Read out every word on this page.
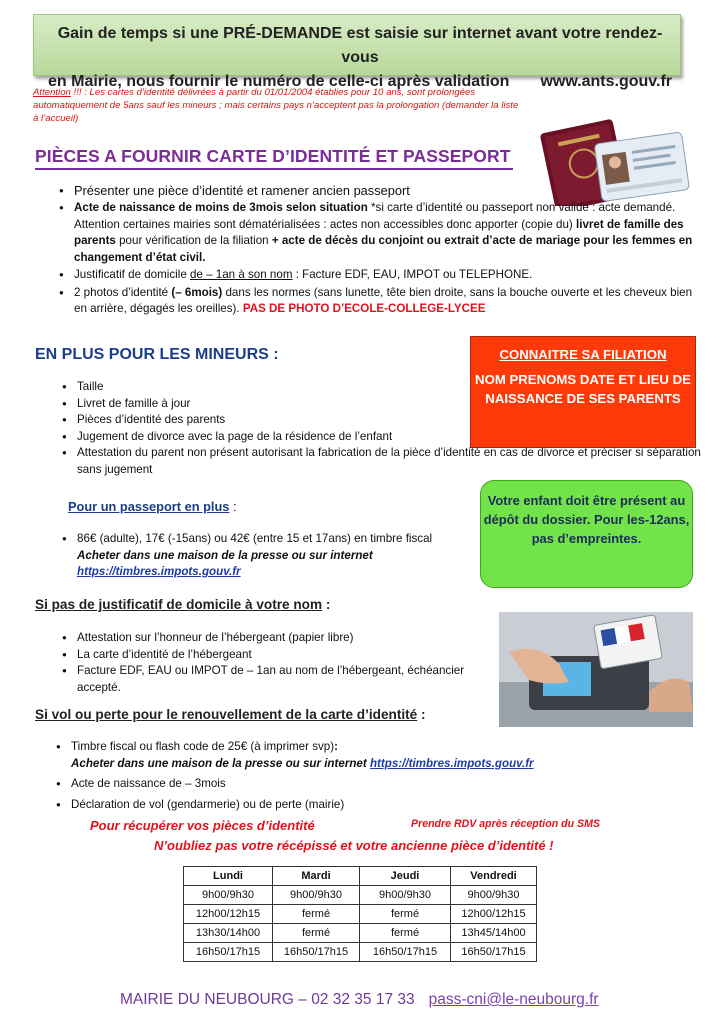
Gain de temps si une PRÉ-DEMANDE est saisie sur internet avant votre rendez-vous
en Mairie, nous fournir le numéro de celle-ci après validation www.ants.gouv.fr
Attention !!! : Les cartes d’identité délivrées à partir du 01/01/2004 établies pour 10 ans, sont prolongées automatiquement de 5ans sauf les mineurs ; mais certains pays n’acceptent pas la prolongation (demander la liste à l’accueil)
PIÈCES A FOURNIR CARTE D’IDENTITÉ ET PASSEPORT
● Présenter une pièce d’identité et ramener ancien passeport
● Acte de naissance de moins de 3mois selon situation *si carte d’identité ou passeport non valide : acte demandé. Attention certaines mairies sont dématérialisées : actes non accessibles donc apporter (copie du) livret de famille des parents pour vérification de la filiation + acte de décès du conjoint ou extrait d’acte de mariage pour les femmes en changement d’état civil.
● Justificatif de domicile de – 1an à son nom : Facture EDF, EAU, IMPOT ou TELEPHONE.
● 2 photos d’identité (– 6mois) dans les normes (sans lunette, tête bien droite, sans la bouche ouverte et les cheveux bien en arrière, dégagés les oreilles). PAS DE PHOTO D’ECOLE-COLLEGE-LYCEE
EN PLUS POUR LES MINEURS :	CONNAITRE SA FILIATION
NOM PRENOMS DATE ET LIEU DE NAISSANCE DE SES PARENTS
● Taille
● Livret de famille à jour
● Pièces d’identité des parents
● Jugement de divorce avec la page de la résidence de l’enfant
● Attestation du parent non présent autorisant la fabrication de la pièce d’identité en cas de divorce et préciser si séparation sans jugement
Pour un passeport en plus :	Votre enfant doit être présent au dépôt du dossier. Pour les-12ans, pas d’empreintes.
● 86€ (adulte), 17€ (-15ans) ou 42€ (entre 15 et 17ans) en timbre fiscal
Acheter dans une maison de la presse ou sur internet
https://timbres.impots.gouv.fr
Si pas de justificatif de domicile à votre nom :
● Attestation sur l’honneur de l’hébergeant (papier libre)
● La carte d’identité de l’hébergeant
● Facture EDF, EAU ou IMPOT de – 1an au nom de l’hébergeant, échéancier accepté.
Si vol ou perte pour le renouvellement de la carte d’identité :
● Timbre fiscal ou flash code de 25€ (à imprimer svp):
Acheter dans une maison de la presse ou sur internet https://timbres.impots.gouv.fr
● Acte de naissance de – 3mois
● Déclaration de vol (gendarmerie) ou de perte (mairie)
Pour récupérer vos pièces d’identité	Prendre RDV après réception du SMS
N’oubliez pas votre récépissé et votre ancienne pièce d’identité !
Lundi	Mardi	Jeudi	Vendredi
9h00/9h30	9h00/9h30	9h00/9h30	9h00/9h30
12h00/12h15	fermé	fermé	12h00/12h15
13h30/14h00	fermé	fermé	13h45/14h00
16h50/17h15	16h50/17h15	16h50/17h15	16h50/17h15
MAIRIE DU NEUBOURG – 02 32 35 17 33 pass-cni@le-neubourg.fr
